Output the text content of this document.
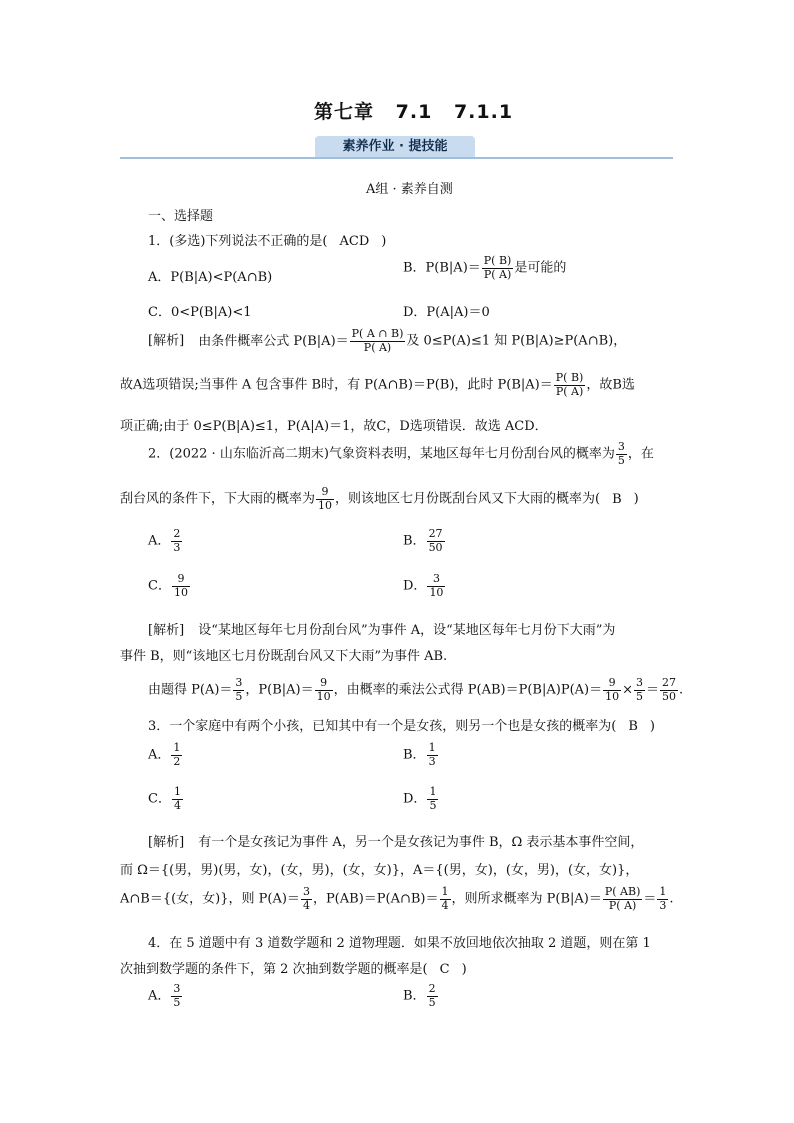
第七章 7.1 7.1.1
素养作业 · 提技能
A组 · 素养自测
一、选择题
1．(多选)下列说法不正确的是( ACD )
A．P(B|A)<P(A∩B)
B．$P(B|A)= \frac{P( B)}{P( A)}$ 是可能的
C．0<P(B|A)<1	D．P(A|A)＝0
[解析] 由条件概率公式 $P(B|A)= \frac{P( A \cap B)}{P( A)}$ 及 0≤P(A)≤1 知 P(B|A)≥P(A∩B)，
故A选项错误;当事件 A 包含事件 B时，有 P(A∩B)＝P(B)，此时 $P(B|A)= \frac{P( B)}{P( A)}$ ，故B选
项正确;由于 0≤P(B|A)≤1，P(A|A)＝1，故C，D选项错误．故选 ACD．
2．(2022 · 山东临沂高二期末)气象资料表明，某地区每年七月份刮台风的概率为 $\frac{3}{5}$ ，在
刮台风的条件下，下大雨的概率为 $\frac{9}{10}$ ，则该地区七月份既刮台风又下大雨的概率为( B )
A． $\frac{2}{3}$	B． $\frac{27}{50}$
C． $\frac{9}{10}$	D． $\frac{3}{10}$
[解析] 设“某地区每年七月份刮台风”为事件 A，设“某地区每年七月份下大雨”为
事件 B，则“该地区七月份既刮台风又下大雨”为事件 AB.
由题得 $P(A)= \frac{3}{5}$ ，$P(B|A)= \frac{9}{10}$ ，由概率的乘法公式得 $P(AB)=P(B|A)P(A)= \frac{9}{10} \times \frac{3}{5} = \frac{27}{50}$ .
3．一个家庭中有两个小孩，已知其中有一个是女孩，则另一个也是女孩的概率为( B )
A． $\frac{1}{2}$	B． $\frac{1}{3}$
C． $\frac{1}{4}$	D． $\frac{1}{5}$
[解析] 有一个是女孩记为事件 A，另一个是女孩记为事件 B，Ω 表示基本事件空间，
而 Ω＝{(男，男)(男，女)，(女，男)，(女，女)}，A＝{(男，女)，(女，男)，(女，女)}，
A∩B＝{(女，女)}，则 $P(A)= \frac{3}{4}$ ，P(AB)＝P(A∩B)＝ $\frac{1}{4}$ ，则所求概率为 $P(B|A)= \frac{P( AB)}{P( A)} = \frac{1}{3}$ .
4．在 5 道题中有 3 道数学题和 2 道物理题．如果不放回地依次抽取 2 道题，则在第 1
次抽到数学题的条件下，第 2 次抽到数学题的概率是( C )
A． $\frac{3}{5}$	B． $\frac{2}{5}$
